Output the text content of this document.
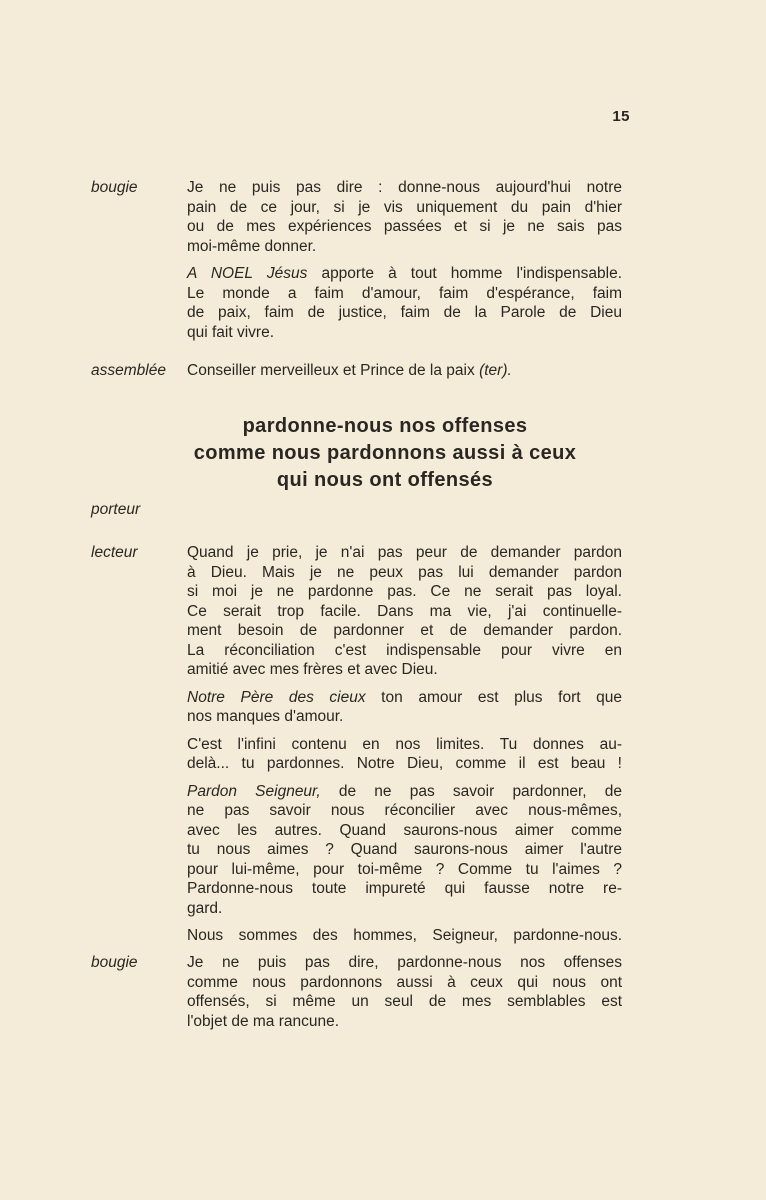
15
bougie	Je ne puis pas dire : donne-nous aujourd'hui notre
pain de ce jour, si je vis uniquement du pain d'hier
ou de mes expériences passées et si je ne sais pas
moi-même donner.

A NOEL Jésus apporte à tout homme l'indispensable.
Le monde a faim d'amour, faim d'espérance, faim
de paix, faim de justice, faim de la Parole de Dieu
qui fait vivre.

assemblée Conseiller merveilleux et Prince de la paix (ter).
pardonne-nous nos offenses
comme nous pardonnons aussi à ceux
qui nous ont offensés
porteur
lecteur	Quand je prie, je n'ai pas peur de demander pardon
à Dieu. Mais je ne peux pas lui demander pardon
si moi je ne pardonne pas. Ce ne serait pas loyal.
Ce serait trop facile. Dans ma vie, j'ai continuelle-
ment besoin de pardonner et de demander pardon.
La réconciliation c'est indispensable pour vivre en
amitié avec mes frères et avec Dieu.

Notre Père des cieux ton amour est plus fort que
nos manques d'amour.

C'est l'infini contenu en nos limites. Tu donnes au-
delà... tu pardonnes. Notre Dieu, comme il est beau !

Pardon Seigneur, de ne pas savoir pardonner, de
ne pas savoir nous réconcilier avec nous-mêmes,
avec les autres. Quand saurons-nous aimer comme
tu nous aimes ? Quand saurons-nous aimer l'autre
pour lui-même, pour toi-même ? Comme tu l'aimes ?
Pardonne-nous toute impureté qui fausse notre re-
gard.

Nous sommes des hommes, Seigneur, pardonne-nous.

bougie	Je ne puis pas dire, pardonne-nous nos offenses
comme nous pardonnons aussi à ceux qui nous ont
offensés, si même un seul de mes semblables est
l'objet de ma rancune.
